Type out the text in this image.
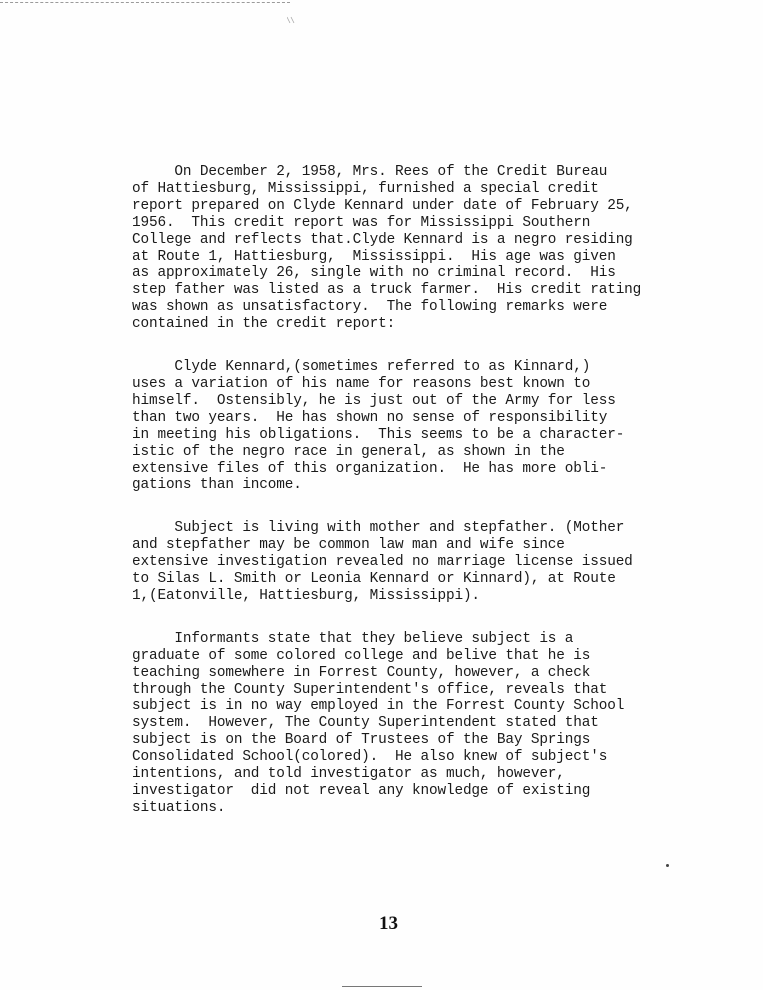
On December 2, 1958, Mrs. Rees of the Credit Bureau
of Hattiesburg, Mississippi, furnished a special credit
report prepared on Clyde Kennard under date of February 25,
1956.  This credit report was for Mississippi Southern
College and reflects that.Clyde Kennard is a negro residing
at Route 1, Hattiesburg,  Mississippi.  His age was given
as approximately 26, single with no criminal record.  His
step father was listed as a truck farmer.  His credit rating
was shown as unsatisfactory.  The following remarks were
contained in the credit report:
Clyde Kennard,(sometimes referred to as Kinnard,)
uses a variation of his name for reasons best known to
himself.  Ostensibly, he is just out of the Army for less
than two years.  He has shown no sense of responsibility
in meeting his obligations.  This seems to be a character-
istic of the negro race in general, as shown in the
extensive files of this organization.  He has more obli-
gations than income.
Subject is living with mother and stepfather. (Mother
and stepfather may be common law man and wife since
extensive investigation revealed no marriage license issued
to Silas L. Smith or Leonia Kennard or Kinnard), at Route
1,(Eatonville, Hattiesburg, Mississippi).
Informants state that they believe subject is a
graduate of some colored college and belive that he is
teaching somewhere in Forrest County, however, a check
through the County Superintendent's office, reveals that
subject is in no way employed in the Forrest County School
system.  However, The County Superintendent stated that
subject is on the Board of Trustees of the Bay Springs
Consolidated School(colored).  He also knew of subject's
intentions, and told investigator as much, however,
investigator  did not reveal any knowledge of existing
situations.
13
